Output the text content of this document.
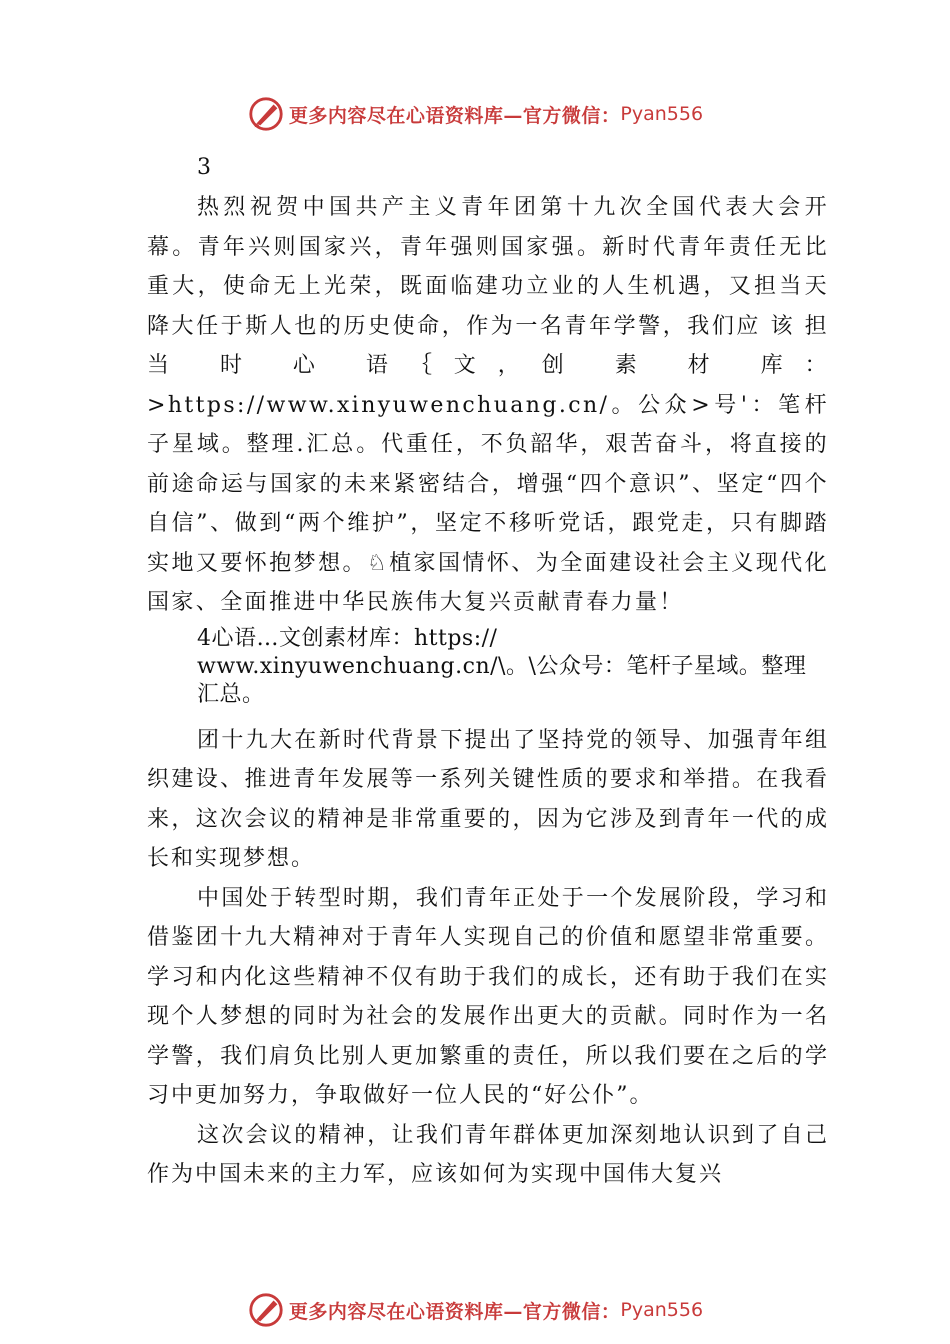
更多内容尽在心语资料库—官方微信： Pyan556
3

热烈祝贺中国共产主义青年团第十九次全国代表大会开幕。青年兴则国家兴，青年强则国家强。新时代青年责任无比重大，使命无上光荣，既面临建功立业的人生机遇，又担当天降大任于斯人也的历史使命，作为一名青年学警，我们应 该 担 当 时 心 语｛文，创 素 材 库： >https://www.xinyuwenchuang.cn/。公众>号'：笔杆子星域。整理.汇总。代重任，不负韶华，艰苦奋斗，将直接的前途命运与国家的未来紧密结合，增强“四个意识”、坚定“四个自信”、做到“两个维护”，坚定不移听党话，跟党走，只有脚踏实地又要怀抱梦想。♘植家国情怀、为全面建设社会主义现代化国家、全面推进中华民族伟大复兴贡献青春力量！

4心语…文创素材库：https://
www.xinyuwenchuang.cn/\。\公众号：笔杆子星域。整理
汇总。

团十九大在新时代背景下提出了坚持党的领导、加强青年组织建设、推进青年发展等一系列关键性质的要求和举措。在我看来，这次会议的精神是非常重要的，因为它涉及到青年一代的成长和实现梦想。

中国处于转型时期，我们青年正处于一个发展阶段，学习和借鉴团十九大精神对于青年人实现自己的价值和愿望非常重要。学习和内化这些精神不仅有助于我们的成长，还有助于我们在实现个人梦想的同时为社会的发展作出更大的贡献。同时作为一名学警，我们肩负比别人更加繁重的责任，所以我们要在之后的学习中更加努力，争取做好一位人民的“好公仆”。

这次会议的精神，让我们青年群体更加深刻地认识到了自己作为中国未来的主力军，应该如何为实现中国伟大复兴

更多内容尽在心语资料库—官方微信： Pyan556
